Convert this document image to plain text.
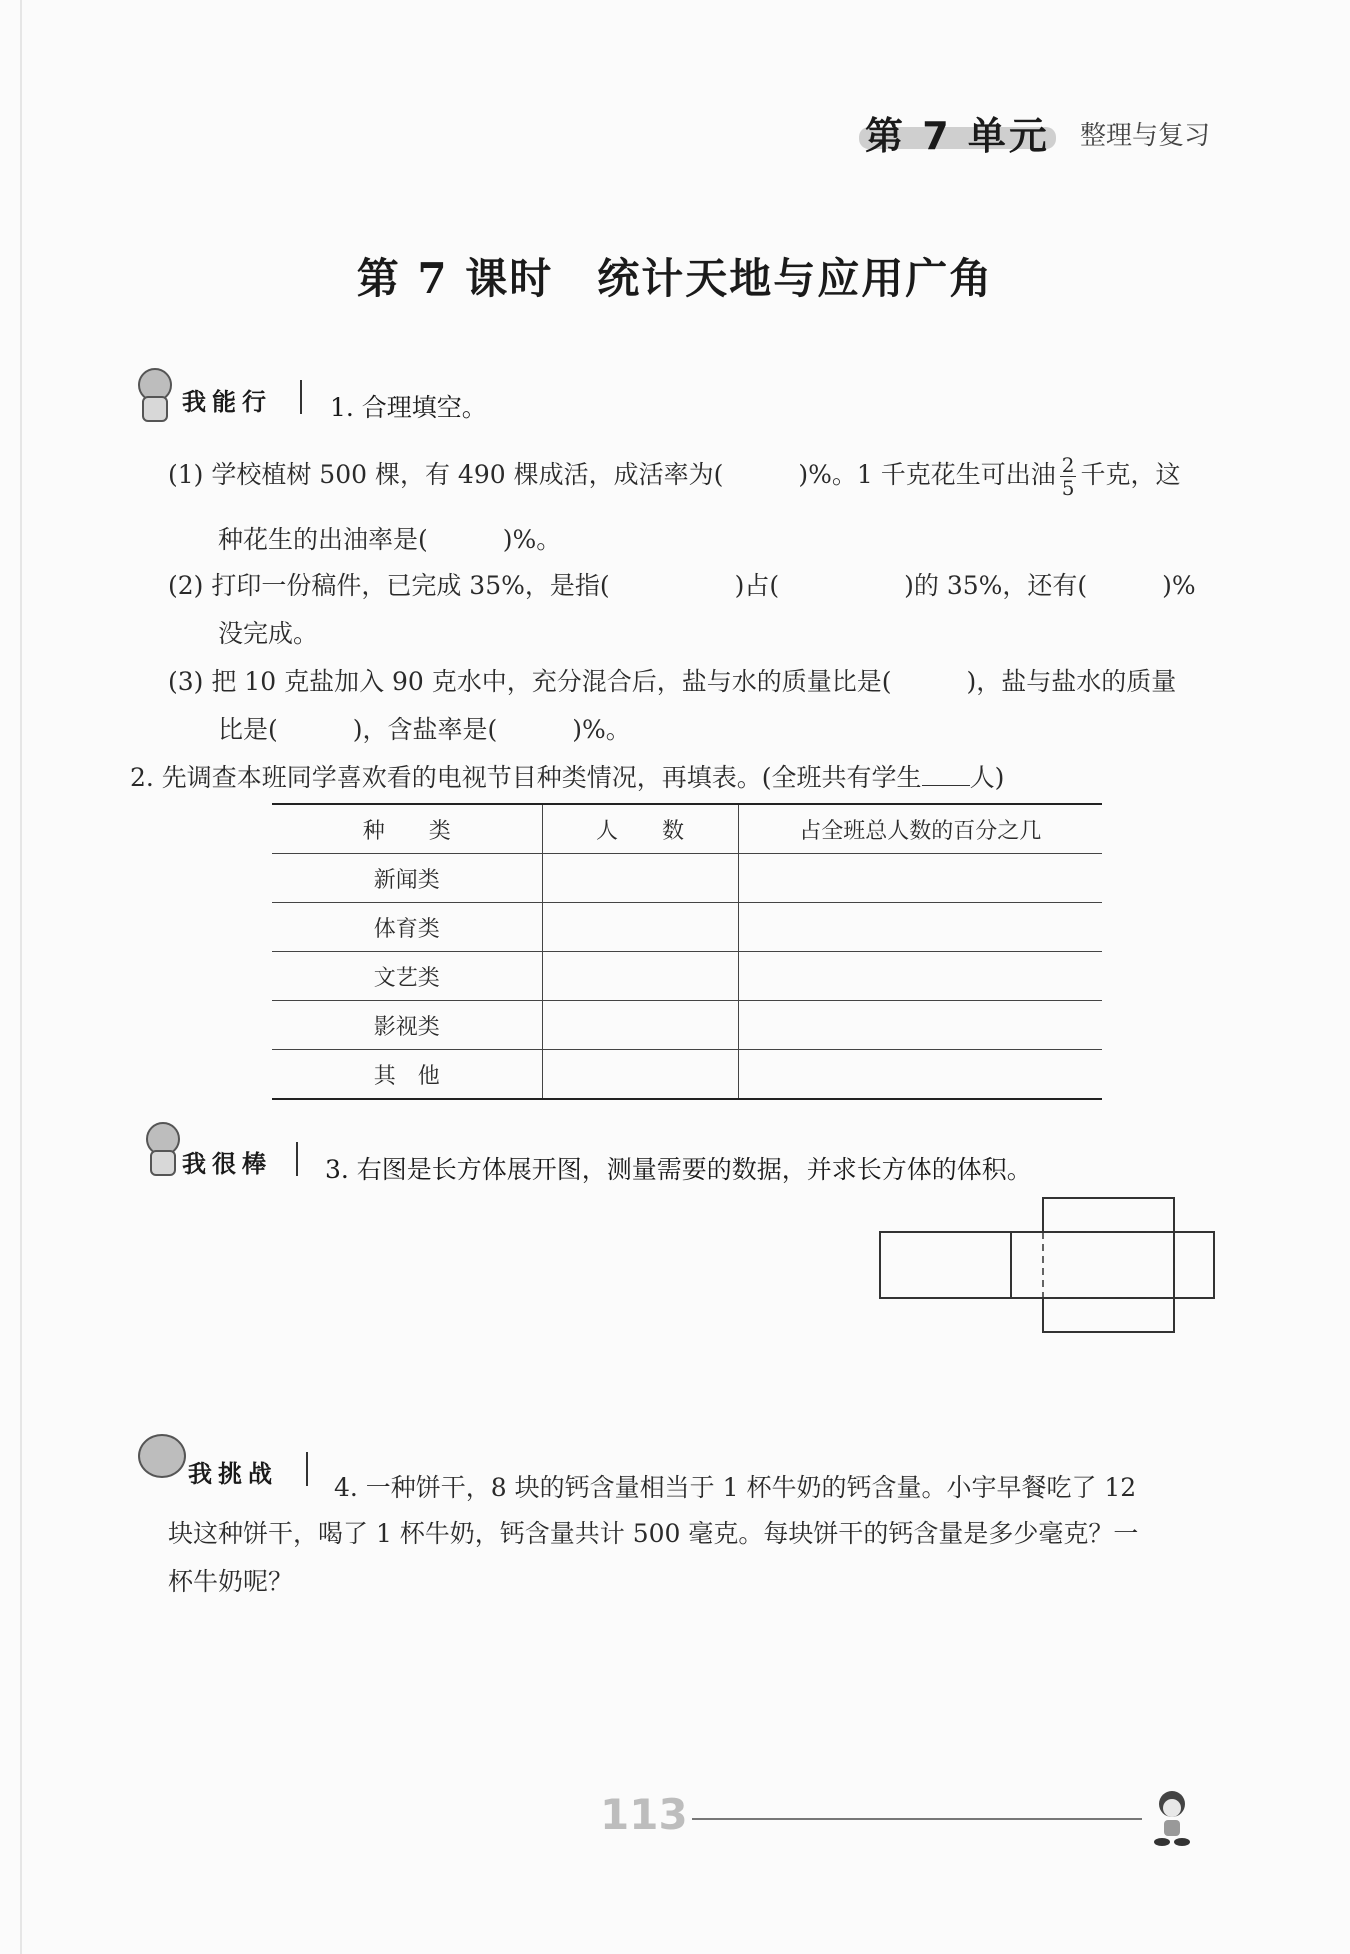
第 7 单元 整理与复习
第 7 课时　统计天地与应用广角
我能行 1. 合理填空。
(1) 学校植树 500 棵，有 490 棵成活，成活率为(　　　)%。1 千克花生可出油 $\frac{2}{5}$ 千克，这
种花生的出油率是(　　　)%。
(2) 打印一份稿件，已完成 35%，是指(　　　　　)占(　　　　　)的 35%，还有(　　　)%
没完成。
(3) 把 10 克盐加入 90 克水中，充分混合后，盐与水的质量比是(　　　)，盐与盐水的质量
比是(　　　)，含盐率是(　　　)%。
2. 先调查本班同学喜欢看的电视节目种类情况，再填表。(全班共有学生 人)
种　　类	人　　数	占全班总人数的百分之几
新闻类		
体育类		
文艺类		
影视类		
其　他		
我很棒 3. 右图是长方体展开图，测量需要的数据，并求长方体的体积。
我挑战 4. 一种饼干，8 块的钙含量相当于 1 杯牛奶的钙含量。小宇早餐吃了 12
块这种饼干，喝了 1 杯牛奶，钙含量共计 500 毫克。每块饼干的钙含量是多少毫克？一
杯牛奶呢？
113
